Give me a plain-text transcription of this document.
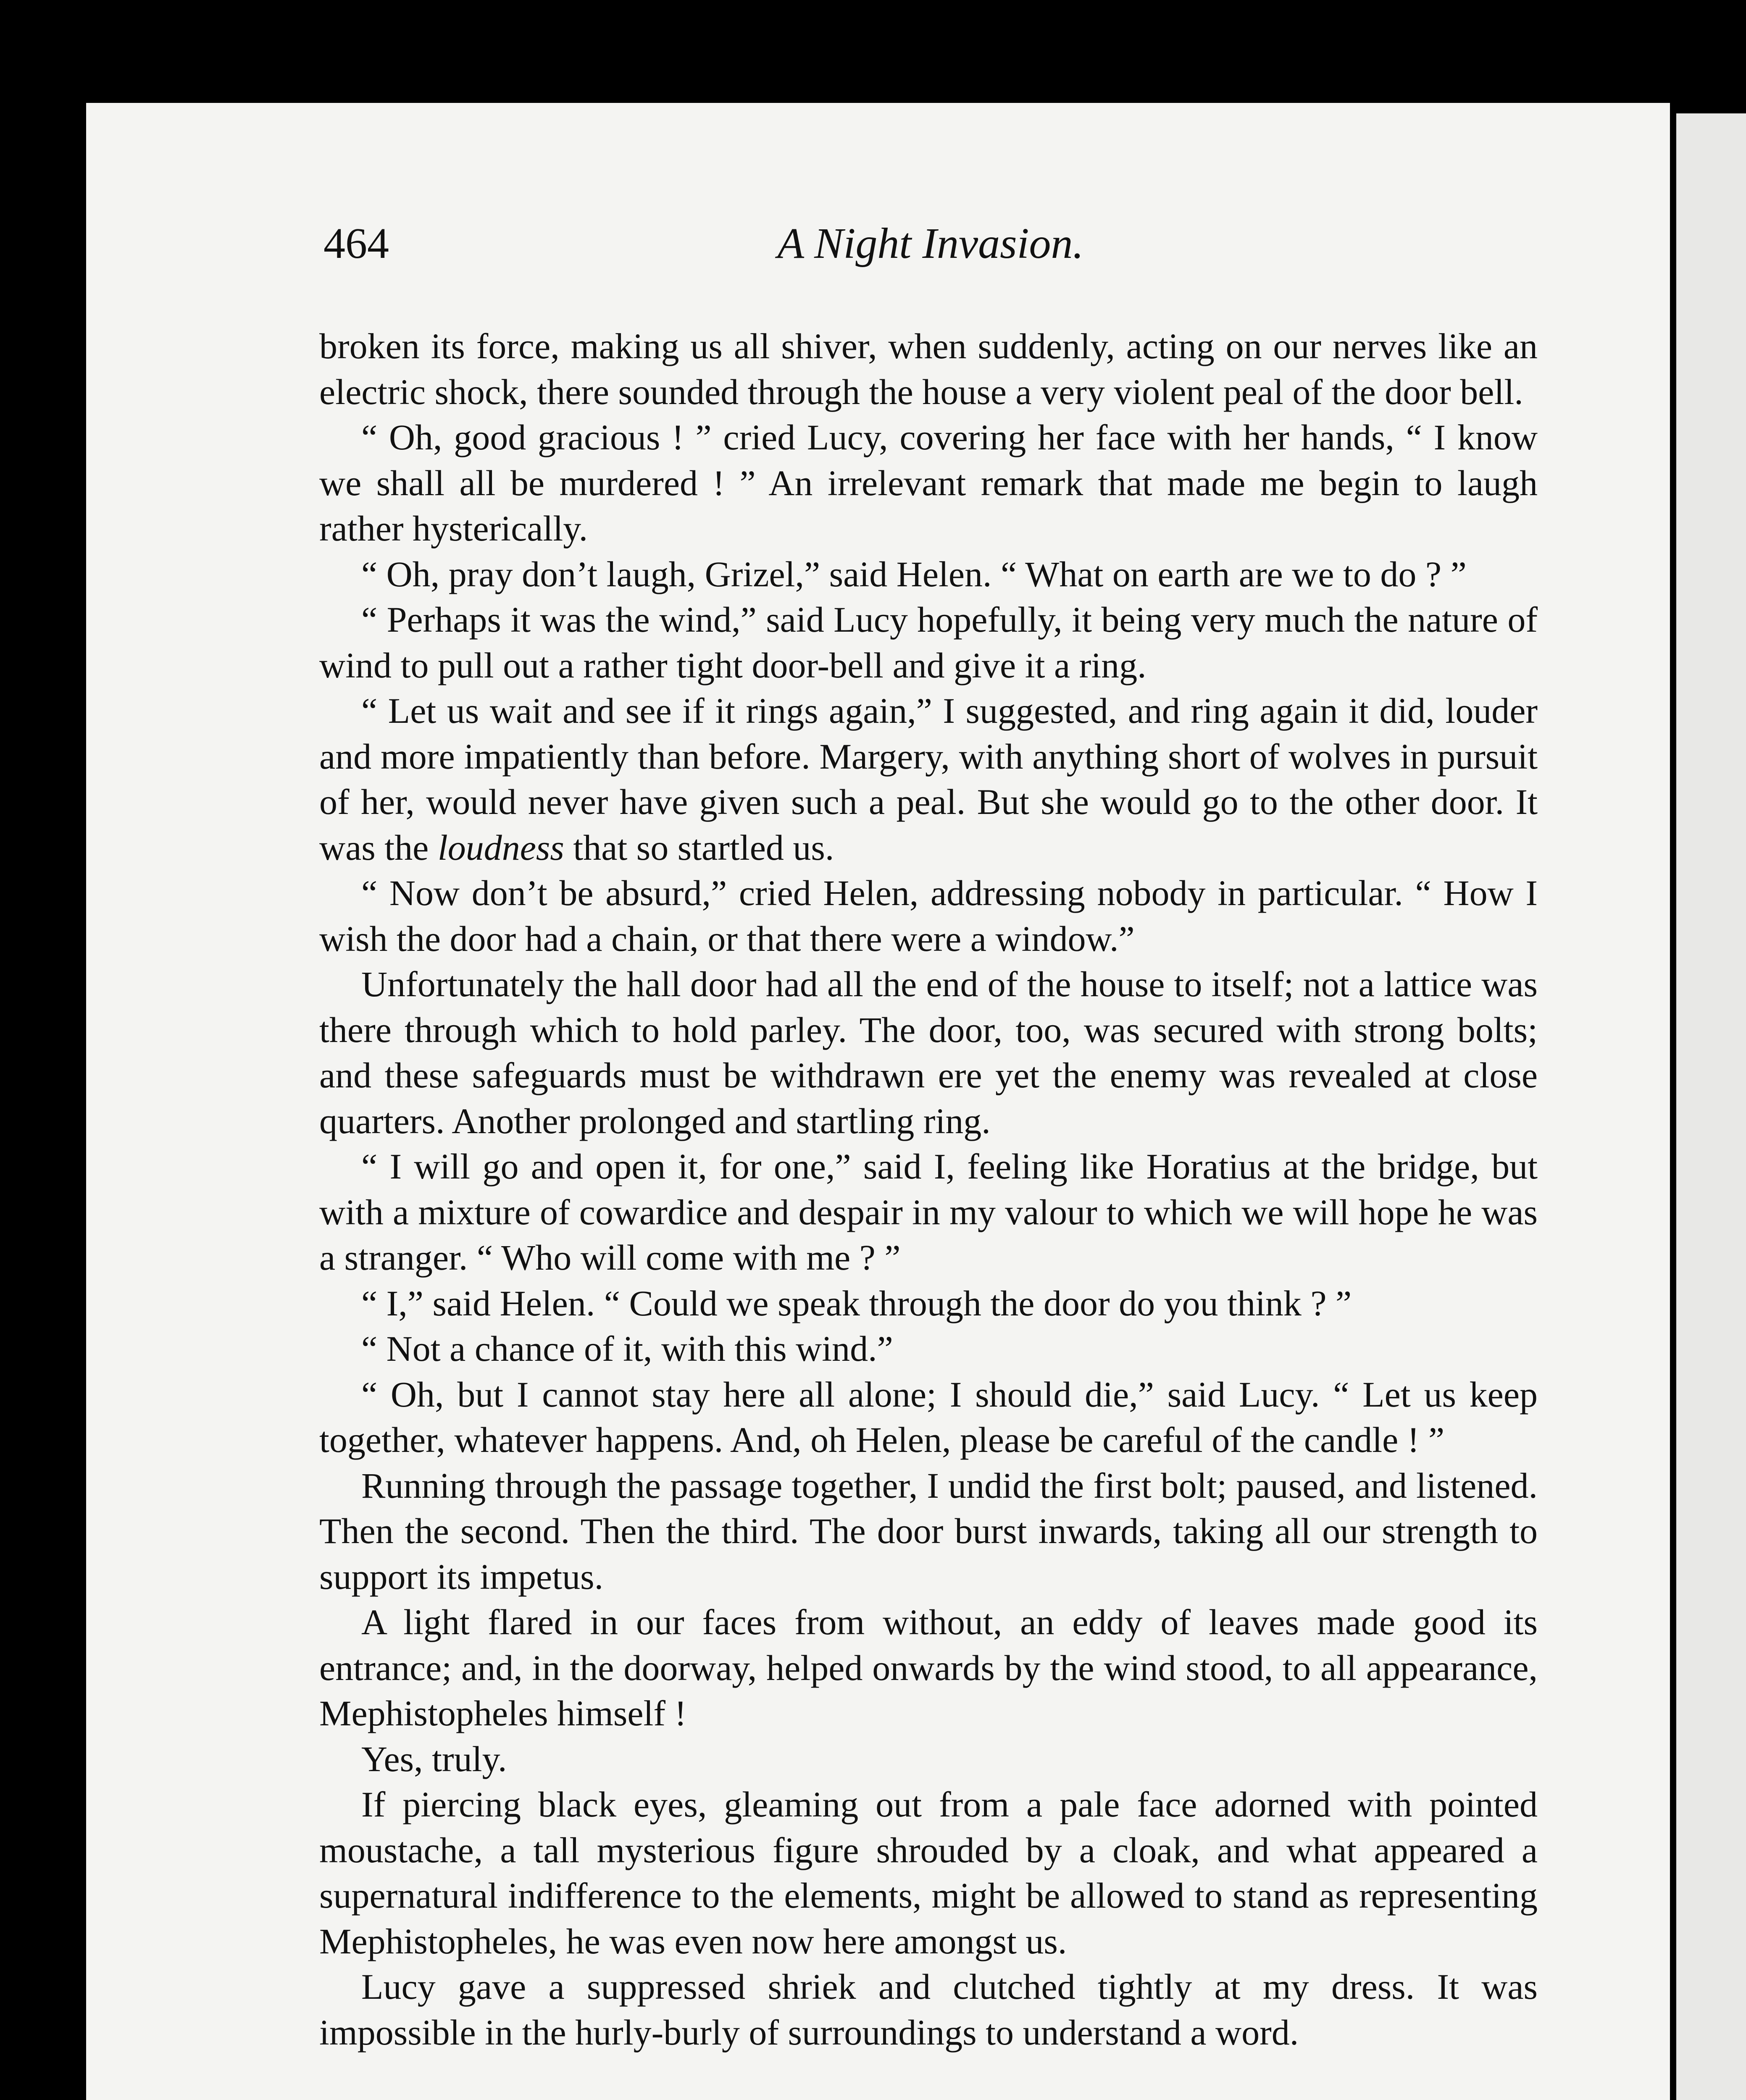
464	A Night Invasion.

broken its force, making us all shiver, when suddenly, acting on our nerves like an electric shock, there sounded through the house a very violent peal of the door bell.

“ Oh, good gracious ! ” cried Lucy, covering her face with her hands, “ I know we shall all be murdered ! ” An irrelevant remark that made me begin to laugh rather hysterically.

“ Oh, pray don’t laugh, Grizel,” said Helen. “ What on earth are we to do ? ”

“ Perhaps it was the wind,” said Lucy hopefully, it being very much the nature of wind to pull out a rather tight door-bell and give it a ring.

“ Let us wait and see if it rings again,” I suggested, and ring again it did, louder and more impatiently than before. Margery, with anything short of wolves in pursuit of her, would never have given such a peal. But she would go to the other door. It was the loudness that so startled us.

“ Now don’t be absurd,” cried Helen, addressing nobody in particular. “ How I wish the door had a chain, or that there were a window.”

Unfortunately the hall door had all the end of the house to itself; not a lattice was there through which to hold parley. The door, too, was secured with strong bolts; and these safeguards must be withdrawn ere yet the enemy was revealed at close quarters. Another prolonged and startling ring.

“ I will go and open it, for one,” said I, feeling like Horatius at the bridge, but with a mixture of cowardice and despair in my valour to which we will hope he was a stranger. “ Who will come with me ? ”

“ I,” said Helen. “ Could we speak through the door do you think ? ”

“ Not a chance of it, with this wind.”

“ Oh, but I cannot stay here all alone; I should die,” said Lucy. “ Let us keep together, whatever happens. And, oh Helen, please be careful of the candle ! ”

Running through the passage together, I undid the first bolt; paused, and listened. Then the second. Then the third. The door burst inwards, taking all our strength to support its impetus.

A light flared in our faces from without, an eddy of leaves made good its entrance; and, in the doorway, helped onwards by the wind stood, to all appearance, Mephistopheles himself !

Yes, truly.

If piercing black eyes, gleaming out from a pale face adorned with pointed moustache, a tall mysterious figure shrouded by a cloak, and what appeared a supernatural indifference to the elements, might be allowed to stand as representing Mephistopheles, he was even now here amongst us.

Lucy gave a suppressed shriek and clutched tightly at my dress. It was impossible in the hurly-burly of surroundings to understand a word.
